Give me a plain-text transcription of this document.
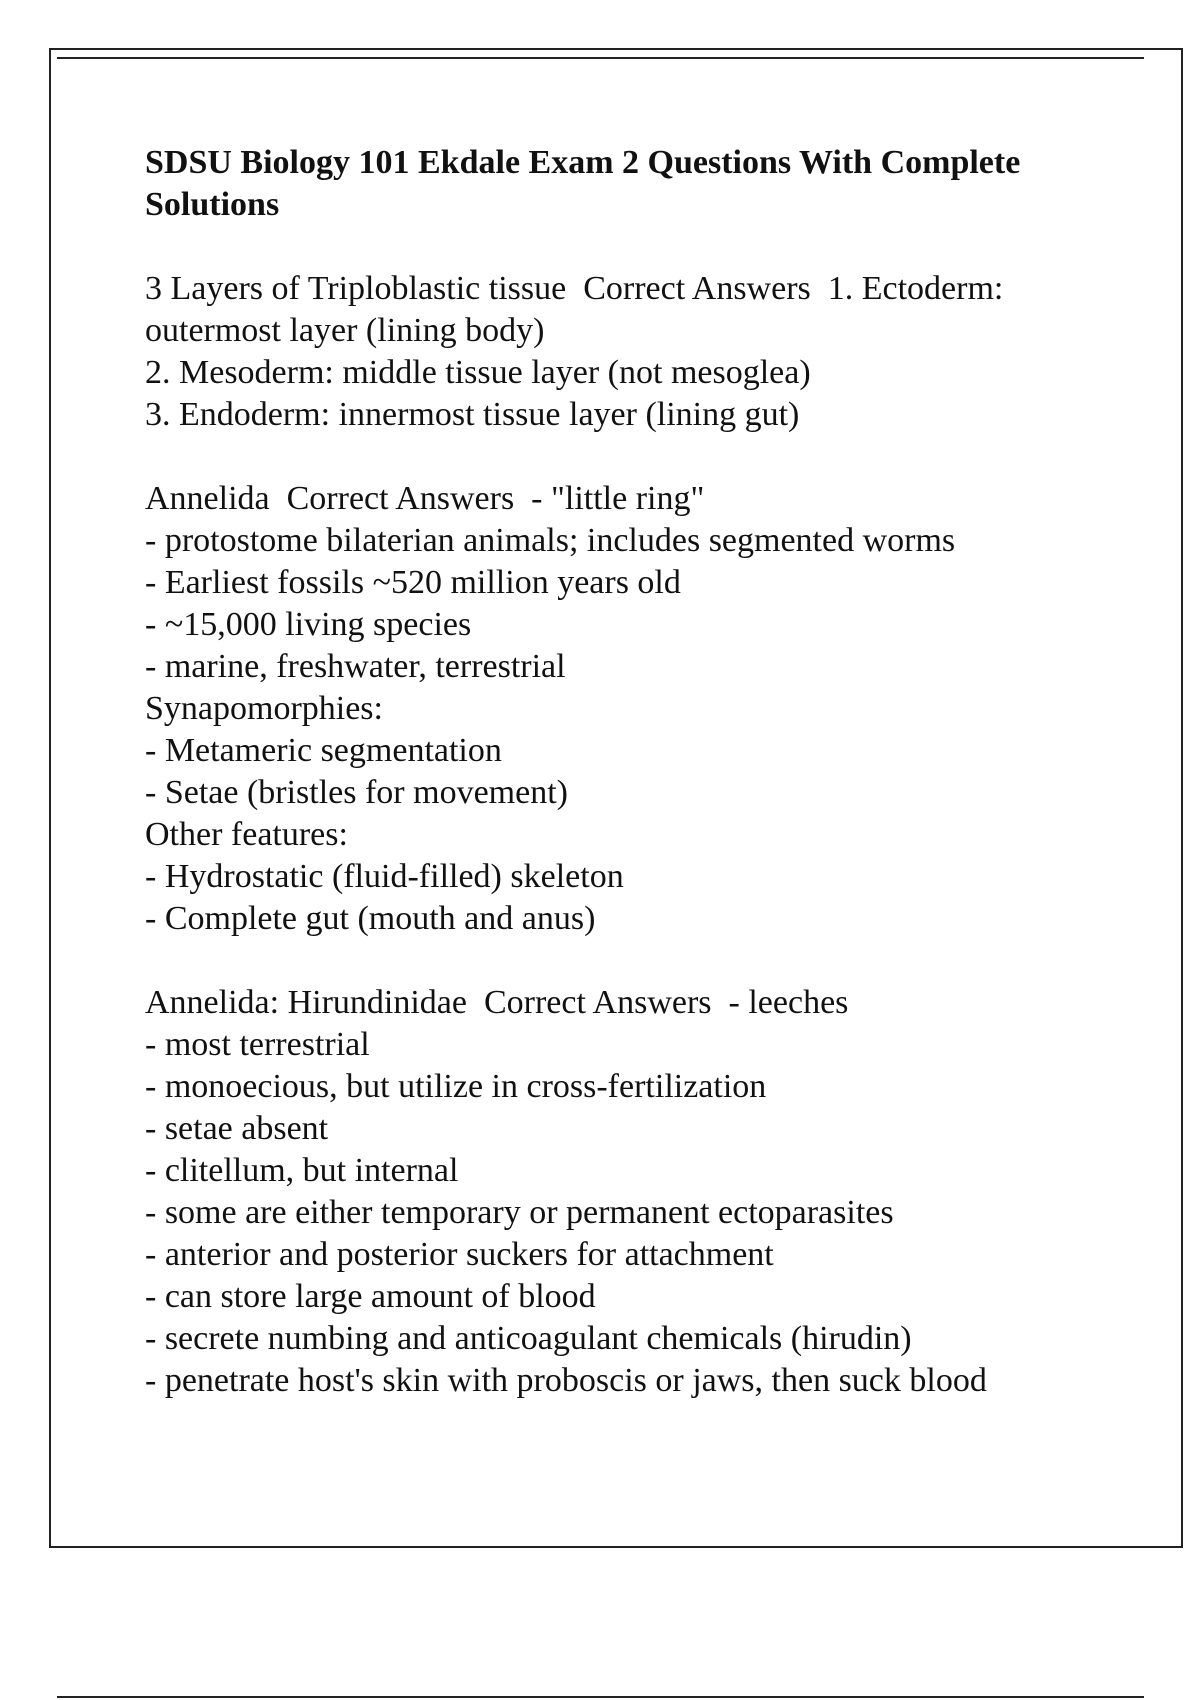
SDSU Biology 101 Ekdale Exam 2 Questions With Complete Solutions
3 Layers of Triploblastic tissue  Correct Answers  1. Ectoderm: outermost layer (lining body)
2. Mesoderm: middle tissue layer (not mesoglea)
3. Endoderm: innermost tissue layer (lining gut)
Annelida  Correct Answers  - "little ring"
- protostome bilaterian animals; includes segmented worms
- Earliest fossils ~520 million years old
- ~15,000 living species
- marine, freshwater, terrestrial
Synapomorphies:
- Metameric segmentation
- Setae (bristles for movement)
Other features:
- Hydrostatic (fluid-filled) skeleton
- Complete gut (mouth and anus)
Annelida: Hirundinidae  Correct Answers  - leeches
- most terrestrial
- monoecious, but utilize in cross-fertilization
- setae absent
- clitellum, but internal
- some are either temporary or permanent ectoparasites
- anterior and posterior suckers for attachment
- can store large amount of blood
- secrete numbing and anticoagulant chemicals (hirudin)
- penetrate host's skin with proboscis or jaws, then suck blood
